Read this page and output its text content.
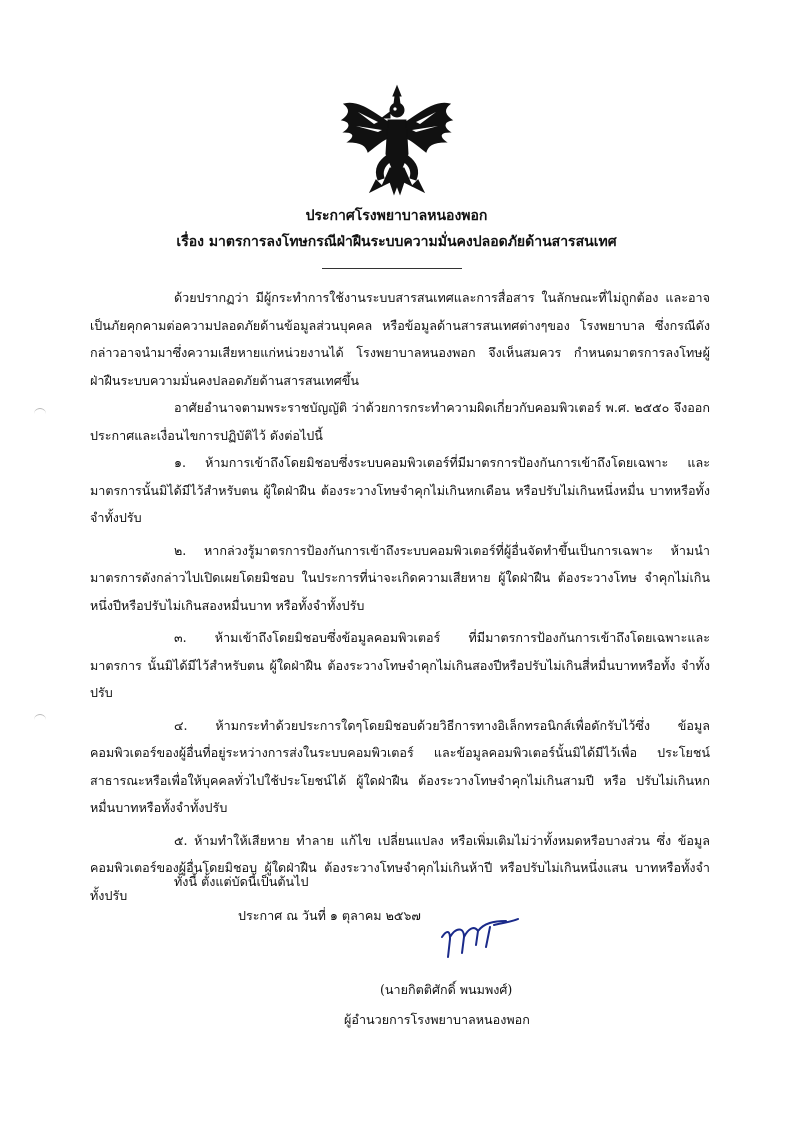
ประกาศโรงพยาบาลหนองพอก
เรื่อง มาตรการลงโทษกรณีฝ่าฝืนระบบความมั่นคงปลอดภัยด้านสารสนเทศ

ด้วยปรากฏว่า มีผู้กระทำการใช้งานระบบสารสนเทศและการสื่อสาร ในลักษณะที่ไม่ถูกต้อง และอาจเป็นภัยคุกคามต่อความปลอดภัยด้านข้อมูลส่วนบุคคล หรือข้อมูลด้านสารสนเทศต่างๆของ โรงพยาบาล ซึ่งกรณีดังกล่าวอาจนำมาซึ่งความเสียหายแก่หน่วยงานได้ โรงพยาบาลหนองพอก จึงเห็นสมควร กำหนดมาตรการลงโทษผู้ฝ่าฝืนระบบความมั่นคงปลอดภัยด้านสารสนเทศขึ้น

อาศัยอำนาจตามพระราชบัญญัติ ว่าด้วยการกระทำความผิดเกี่ยวกับคอมพิวเตอร์ พ.ศ. ๒๕๕๐ จึงออกประกาศและเงื่อนไขการปฏิบัติไว้ ดังต่อไปนี้

๑. ห้ามการเข้าถึงโดยมิชอบซึ่งระบบคอมพิวเตอร์ที่มีมาตรการป้องกันการเข้าถึงโดยเฉพาะ และมาตรการนั้นมิได้มีไว้สำหรับตน ผู้ใดฝ่าฝืน ต้องระวางโทษจำคุกไม่เกินหกเดือน หรือปรับไม่เกินหนึ่งหมื่น บาทหรือทั้งจำทั้งปรับ

๒. หากล่วงรู้มาตรการป้องกันการเข้าถึงระบบคอมพิวเตอร์ที่ผู้อื่นจัดทำขึ้นเป็นการเฉพาะ ห้ามนำมาตรการดังกล่าวไปเปิดเผยโดยมิชอบ ในประการที่น่าจะเกิดความเสียหาย ผู้ใดฝ่าฝืน ต้องระวางโทษ จำคุกไม่เกินหนึ่งปีหรือปรับไม่เกินสองหมื่นบาท หรือทั้งจำทั้งปรับ

๓. ห้ามเข้าถึงโดยมิชอบซึ่งข้อมูลคอมพิวเตอร์ ที่มีมาตรการป้องกันการเข้าถึงโดยเฉพาะและ มาตรการ นั้นมิได้มีไว้สำหรับตน ผู้ใดฝ่าฝืน ต้องระวางโทษจำคุกไม่เกินสองปีหรือปรับไม่เกินสี่หมื่นบาทหรือทั้ง จำทั้งปรับ

๔. ห้ามกระทำด้วยประการใดๆโดยมิชอบด้วยวิธีการทางอิเล็กทรอนิกส์เพื่อดักรับไว้ซึ่ง ข้อมูลคอมพิวเตอร์ของผู้อื่นที่อยู่ระหว่างการส่งในระบบคอมพิวเตอร์ และข้อมูลคอมพิวเตอร์นั้นมิได้มีไว้เพื่อ ประโยชน์สาธารณะหรือเพื่อให้บุคคลทั่วไปใช้ประโยชน์ได้ ผู้ใดฝ่าฝืน ต้องระวางโทษจำคุกไม่เกินสามปี หรือ ปรับไม่เกินหกหมื่นบาทหรือทั้งจำทั้งปรับ

๕. ห้ามทำให้เสียหาย ทำลาย แก้ไข เปลี่ยนแปลง หรือเพิ่มเติมไม่ว่าทั้งหมดหรือบางส่วน ซึ่ง ข้อมูลคอมพิวเตอร์ของผู้อื่นโดยมิชอบ ผู้ใดฝ่าฝืน ต้องระวางโทษจำคุกไม่เกินห้าปี หรือปรับไม่เกินหนึ่งแสน บาทหรือทั้งจำทั้งปรับ

ทั้งนี้ ตั้งแต่บัดนี้เป็นต้นไป
ประกาศ ณ วันที่ ๑ ตุลาคม ๒๕๖๗
(นายกิตติศักดิ์ พนมพงศ์)
ผู้อำนวยการโรงพยาบาลหนองพอก
